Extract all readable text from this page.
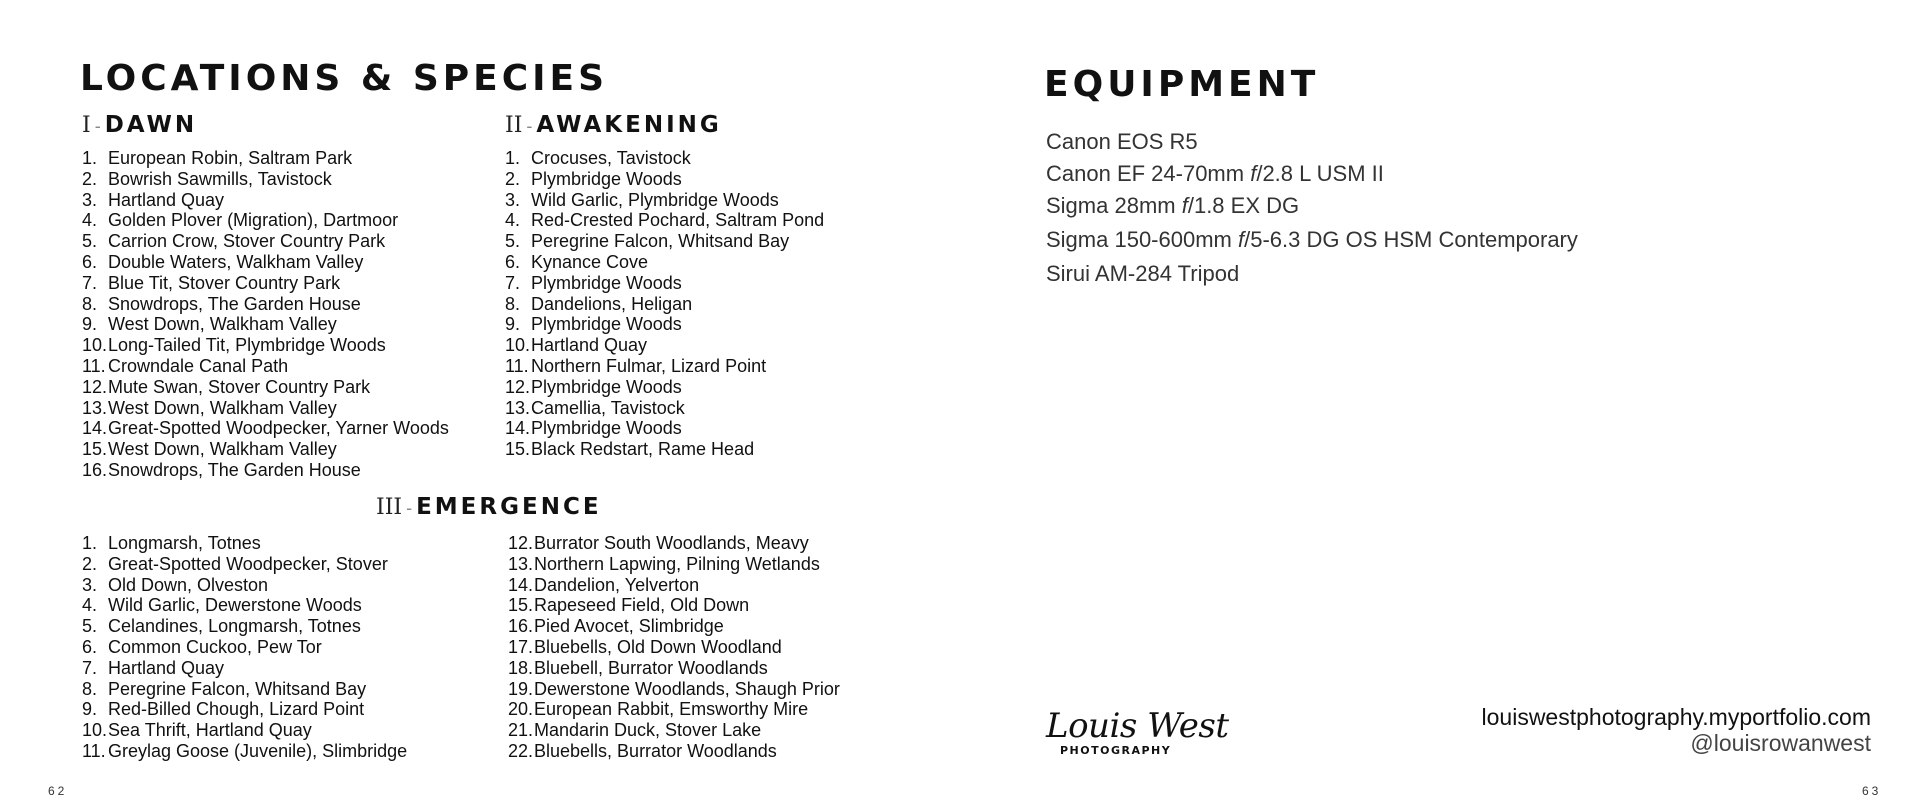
LOCATIONS & SPECIES
I - DAWN
1. European Robin, Saltram Park
2. Bowrish Sawmills, Tavistock
3. Hartland Quay
4. Golden Plover (Migration), Dartmoor
5. Carrion Crow, Stover Country Park
6. Double Waters, Walkham Valley
7. Blue Tit, Stover Country Park
8. Snowdrops, The Garden House
9. West Down, Walkham Valley
10.Long-Tailed Tit, Plymbridge Woods
11. Crowndale Canal Path
12.Mute Swan, Stover Country Park
13.West Down, Walkham Valley
14.Great-Spotted Woodpecker, Yarner Woods
15.West Down, Walkham Valley
16.Snowdrops, The Garden House
II - AWAKENING
1. Crocuses, Tavistock
2. Plymbridge Woods
3. Wild Garlic, Plymbridge Woods
4. Red-Crested Pochard, Saltram Pond
5. Peregrine Falcon, Whitsand Bay
6. Kynance Cove
7. Plymbridge Woods
8. Dandelions, Heligan
9. Plymbridge Woods
10.Hartland Quay
11. Northern Fulmar, Lizard Point
12.Plymbridge Woods
13.Camellia, Tavistock
14.Plymbridge Woods
15.Black Redstart, Rame Head
III - EMERGENCE
1. Longmarsh, Totnes
2. Great-Spotted Woodpecker, Stover
3. Old Down, Olveston
4. Wild Garlic, Dewerstone Woods
5. Celandines, Longmarsh, Totnes
6. Common Cuckoo, Pew Tor
7. Hartland Quay
8. Peregrine Falcon, Whitsand Bay
9. Red-Billed Chough, Lizard Point
10.Sea Thrift, Hartland Quay
11. Greylag Goose (Juvenile), Slimbridge
12.Burrator South Woodlands, Meavy
13.Northern Lapwing, Pilning Wetlands
14.Dandelion, Yelverton
15.Rapeseed Field, Old Down
16.Pied Avocet, Slimbridge
17.Bluebells, Old Down Woodland
18.Bluebell, Burrator Woodlands
19.Dewerstone Woodlands, Shaugh Prior
20.European Rabbit, Emsworthy Mire
21.Mandarin Duck, Stover Lake
22.Bluebells, Burrator Woodlands
62
EQUIPMENT
Canon EOS R5
Canon EF 24-70mm f/2.8 L USM II
Sigma 28mm f/1.8 EX DG
Sigma 150-600mm f/5-6.3 DG OS HSM Contemporary
Sirui AM-284 Tripod
Louis West
PHOTOGRAPHY
louiswestphotography.myportfolio.com
@louisrowanwest
63
